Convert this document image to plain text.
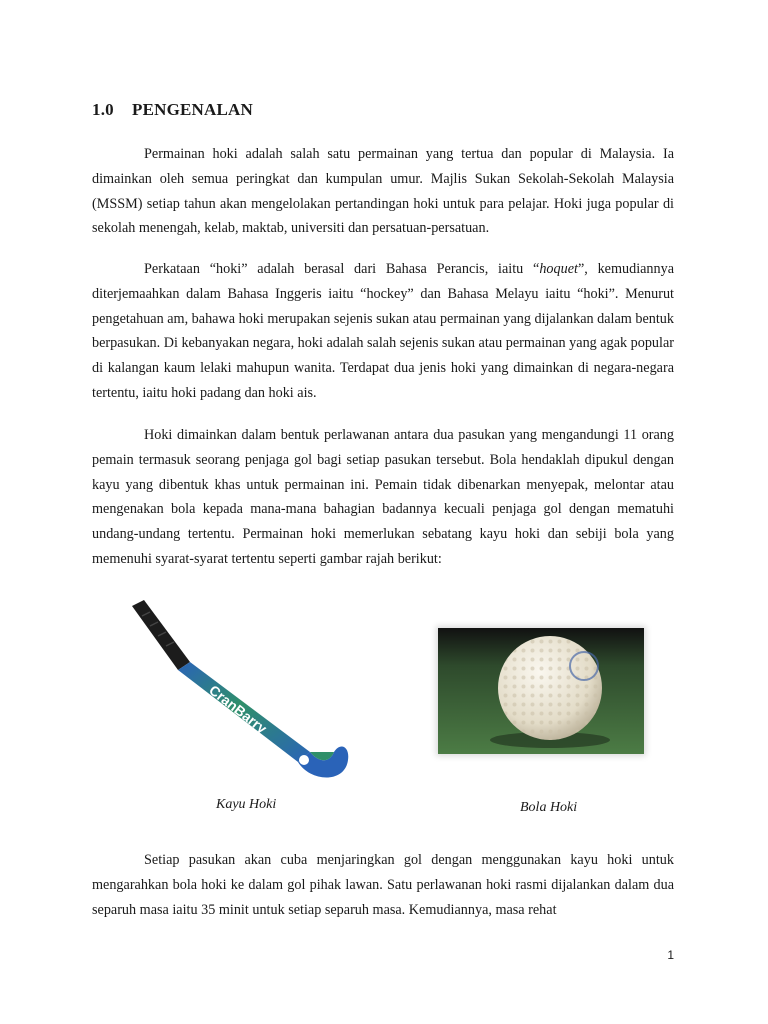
1.0 PENGENALAN

Permainan hoki adalah salah satu permainan yang tertua dan popular di Malaysia. Ia dimainkan oleh semua peringkat dan kumpulan umur. Majlis Sukan Sekolah-Sekolah Malaysia (MSSM) setiap tahun akan mengelolakan pertandingan hoki untuk para pelajar. Hoki juga popular di sekolah menengah, kelab, maktab, universiti dan persatuan-persatuan.

Perkataan “hoki” adalah berasal dari Bahasa Perancis, iaitu “hoquet”, kemudiannya diterjemaahkan dalam Bahasa Inggeris iaitu “hockey” dan Bahasa Melayu iaitu “hoki”. Menurut pengetahuan am, bahawa hoki merupakan sejenis sukan atau permainan yang dijalankan dalam bentuk berpasukan. Di kebanyakan negara, hoki adalah salah sejenis sukan atau permainan yang agak popular di kalangan kaum lelaki mahupun wanita. Terdapat dua jenis hoki yang dimainkan di negara-negara tertentu, iaitu hoki padang dan hoki ais.

Hoki dimainkan dalam bentuk perlawanan antara dua pasukan yang mengandungi 11 orang pemain termasuk seorang penjaga gol bagi setiap pasukan tersebut. Bola hendaklah dipukul dengan kayu yang dibentuk khas untuk permainan ini. Pemain tidak dibenarkan menyepak, melontar atau mengenakan bola kepada mana-mana bahagian badannya kecuali penjaga gol dengan mematuhi undang-undang tertentu. Permainan hoki memerlukan sebatang kayu hoki dan sebiji bola yang memenuhi syarat-syarat tertentu seperti gambar rajah berikut:

CranBarry
Kayu Hoki	Bola Hoki

Setiap pasukan akan cuba menjaringkan gol dengan menggunakan kayu hoki untuk mengarahkan bola hoki ke dalam gol pihak lawan. Satu perlawanan hoki rasmi dijalankan dalam dua separuh masa iaitu 35 minit untuk setiap separuh masa. Kemudiannya, masa rehat

1
